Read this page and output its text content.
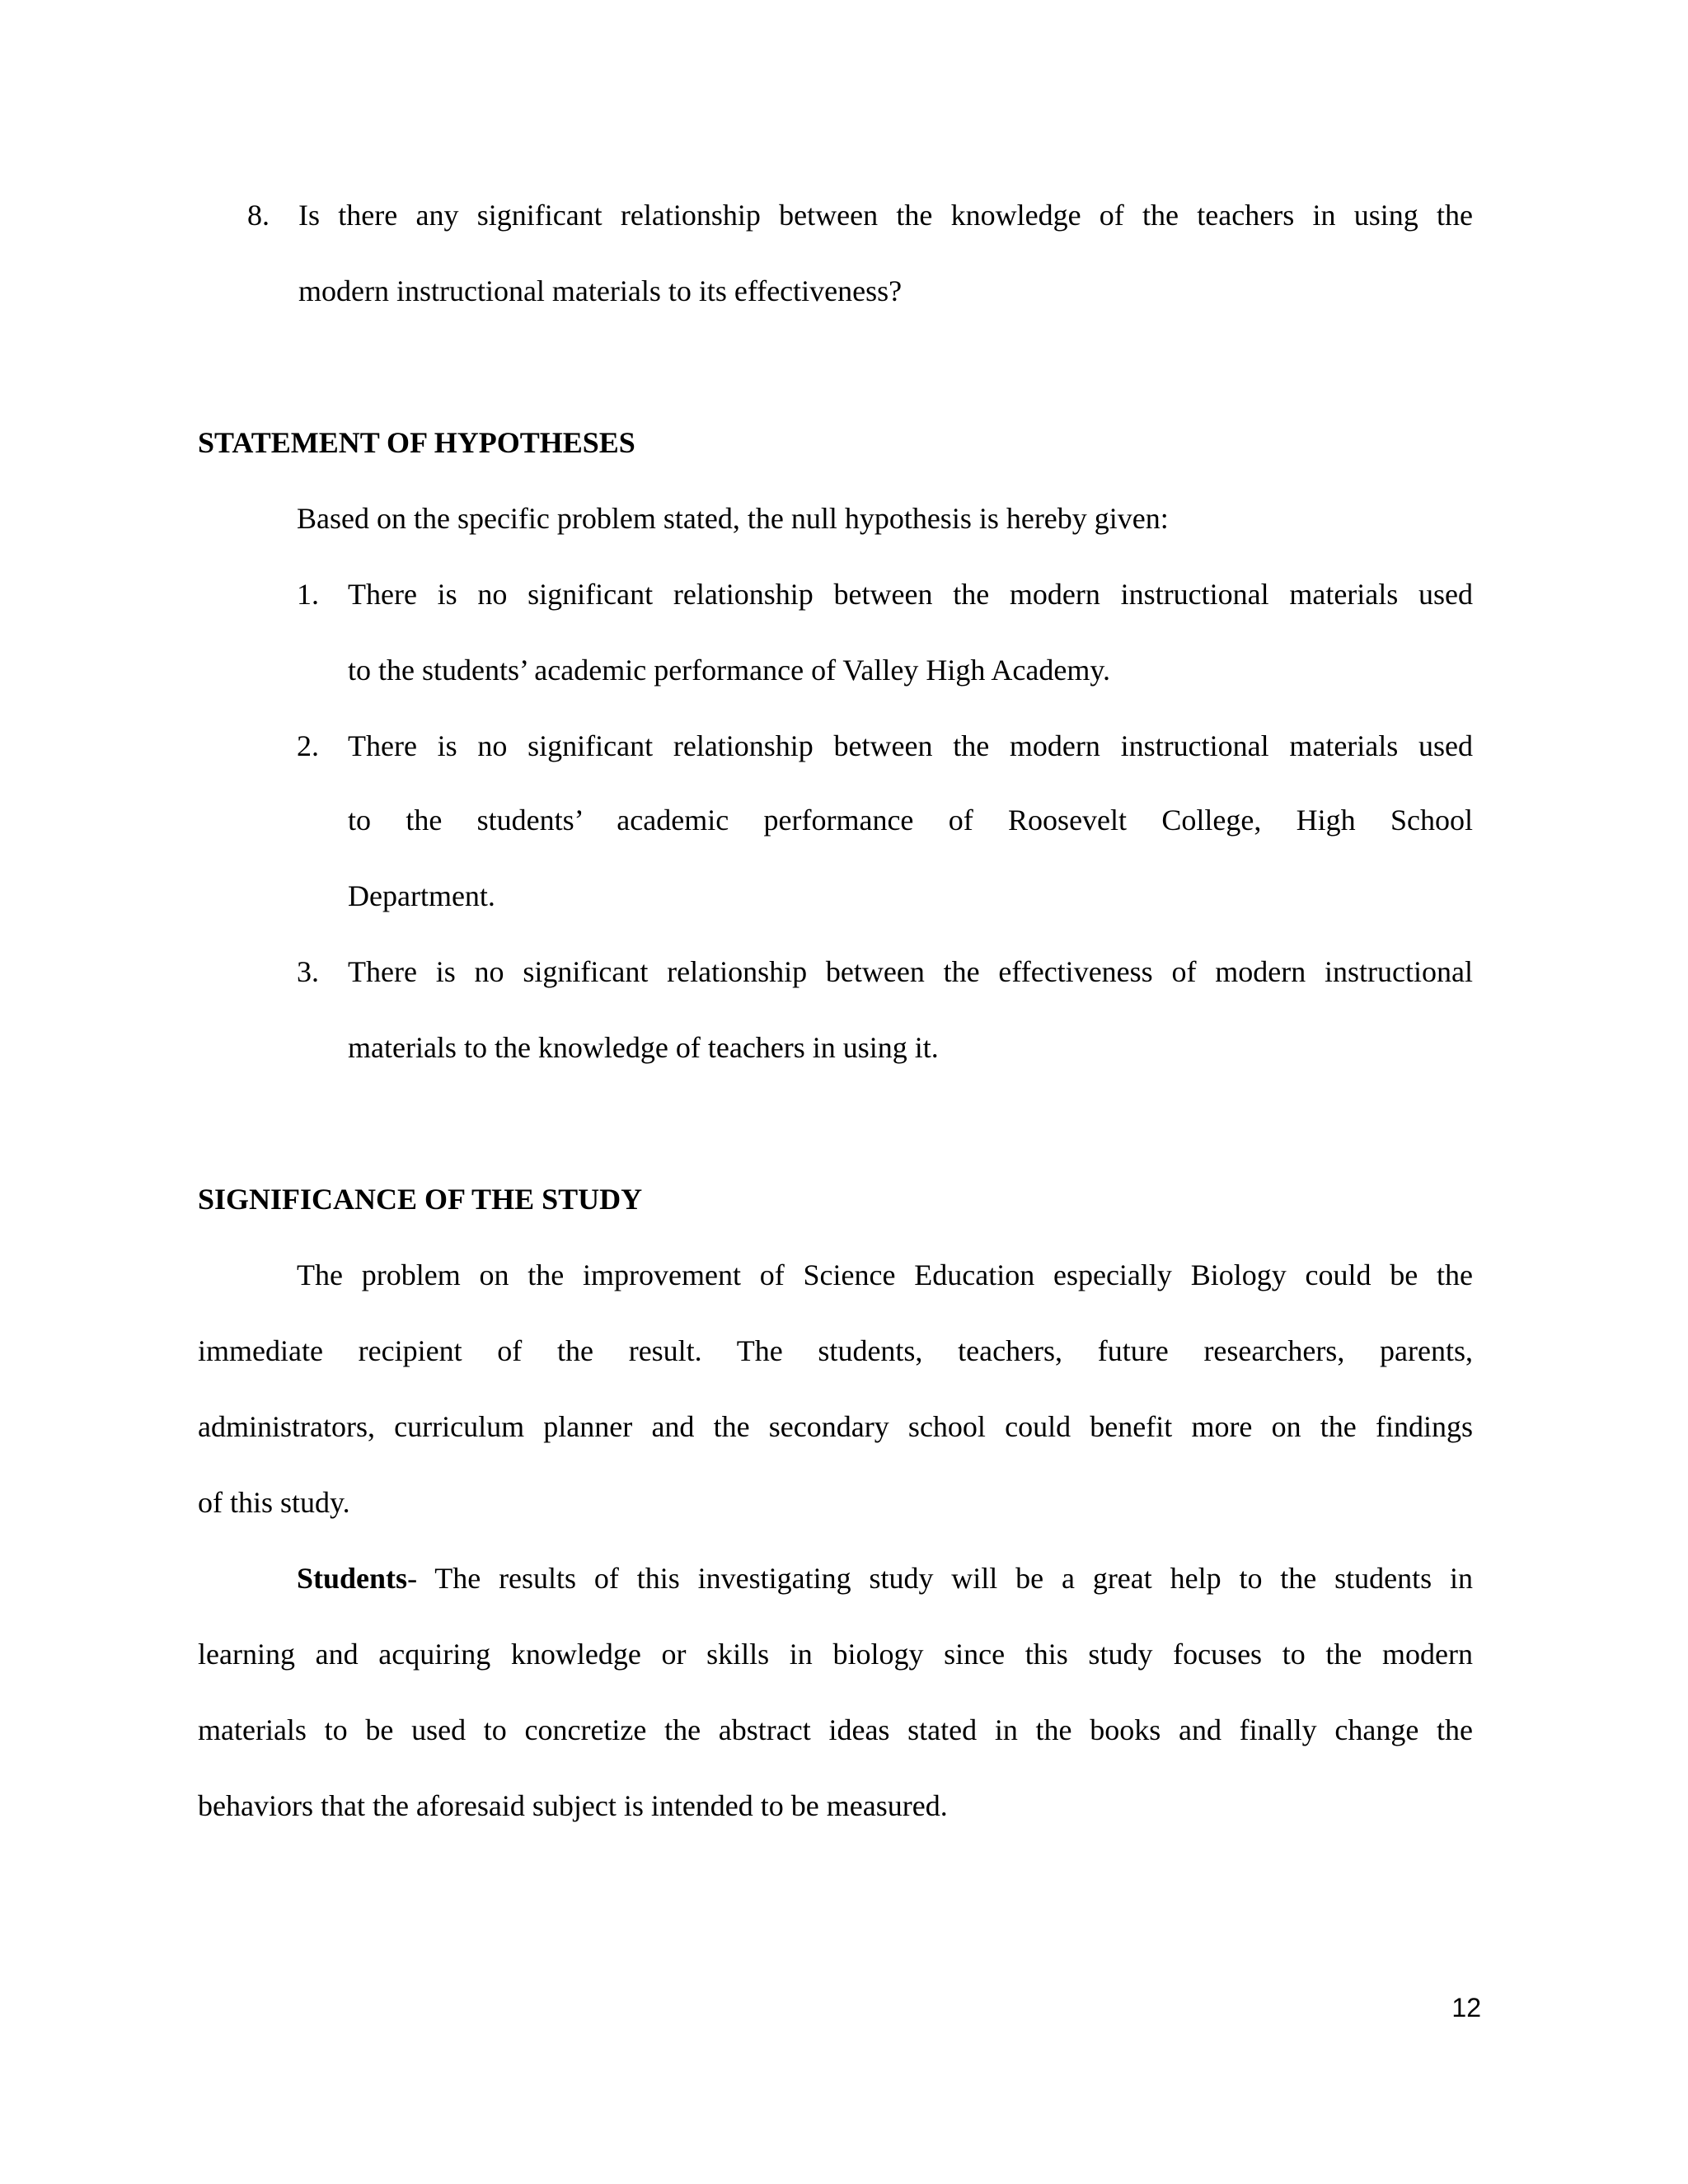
8. Is there any significant relationship between the knowledge of the teachers in using the
modern instructional materials to its effectiveness?
STATEMENT OF HYPOTHESES
Based on the specific problem stated, the null hypothesis is hereby given:
1. There is no significant relationship between the modern instructional materials used
to the students’ academic performance of Valley High Academy.
2. There is no significant relationship between the modern instructional materials used
to the students’ academic performance of Roosevelt College, High School
Department.
3. There is no significant relationship between the effectiveness of modern instructional
materials to the knowledge of teachers in using it.
SIGNIFICANCE OF THE STUDY
The problem on the improvement of Science Education especially Biology could be the
immediate recipient of the result. The students, teachers, future researchers, parents,
administrators, curriculum planner and the secondary school could benefit more on the findings
of this study.
Students- The results of this investigating study will be a great help to the students in
learning and acquiring knowledge or skills in biology since this study focuses to the modern
materials to be used to concretize the abstract ideas stated in the books and finally change the
behaviors that the aforesaid subject is intended to be measured.
12
